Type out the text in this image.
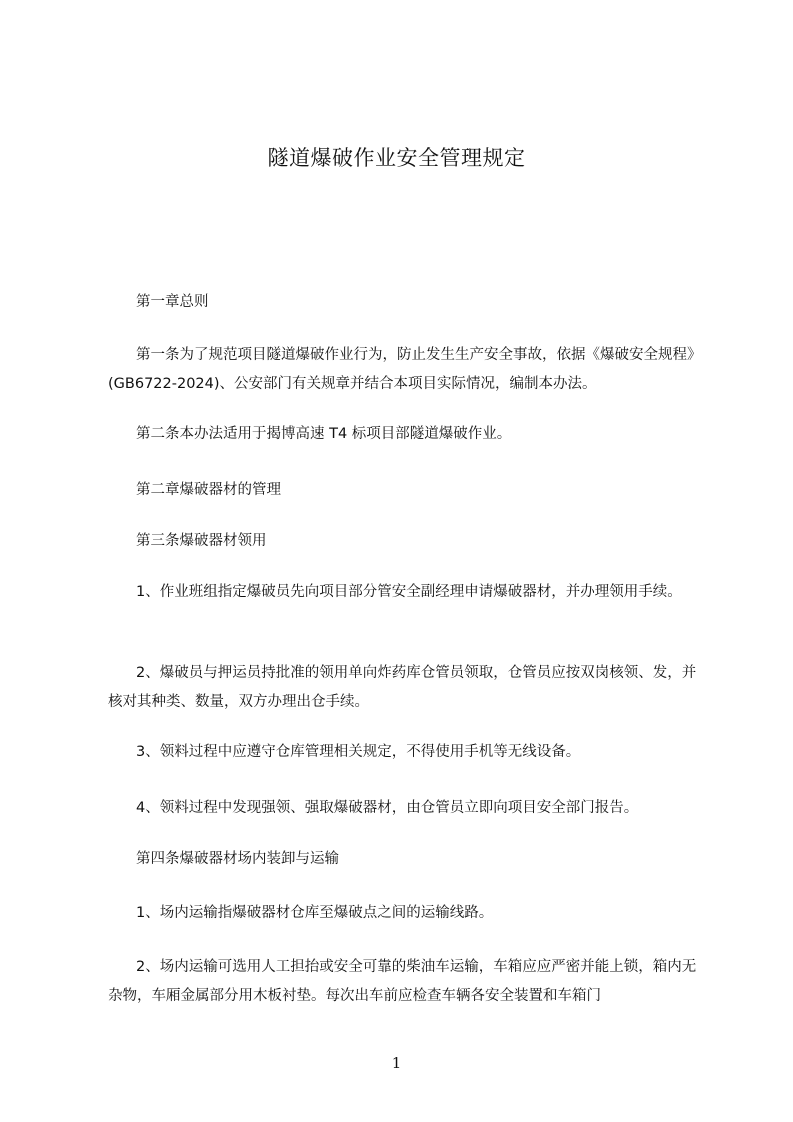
隧道爆破作业安全管理规定
第一章总则
第一条为了规范项目隧道爆破作业行为，防止发生生产安全事故，依据《爆破安全规程》(GB6722-2024)、公安部门有关规章并结合本项目实际情况，编制本办法。
第二条本办法适用于揭博高速 T4 标项目部隧道爆破作业。
第二章爆破器材的管理
第三条爆破器材领用
1、作业班组指定爆破员先向项目部分管安全副经理申请爆破器材，并办理领用手续。
2、爆破员与押运员持批准的领用单向炸药库仓管员领取，仓管员应按双岗核领、发，并核对其种类、数量，双方办理出仓手续。
3、领料过程中应遵守仓库管理相关规定，不得使用手机等无线设备。
4、领料过程中发现强领、强取爆破器材，由仓管员立即向项目安全部门报告。
第四条爆破器材场内装卸与运输
1、场内运输指爆破器材仓库至爆破点之间的运输线路。
2、场内运输可选用人工担抬或安全可靠的柴油车运输，车箱应应严密并能上锁，箱内无杂物，车厢金属部分用木板衬垫。每次出车前应检查车辆各安全装置和车箱门
1
